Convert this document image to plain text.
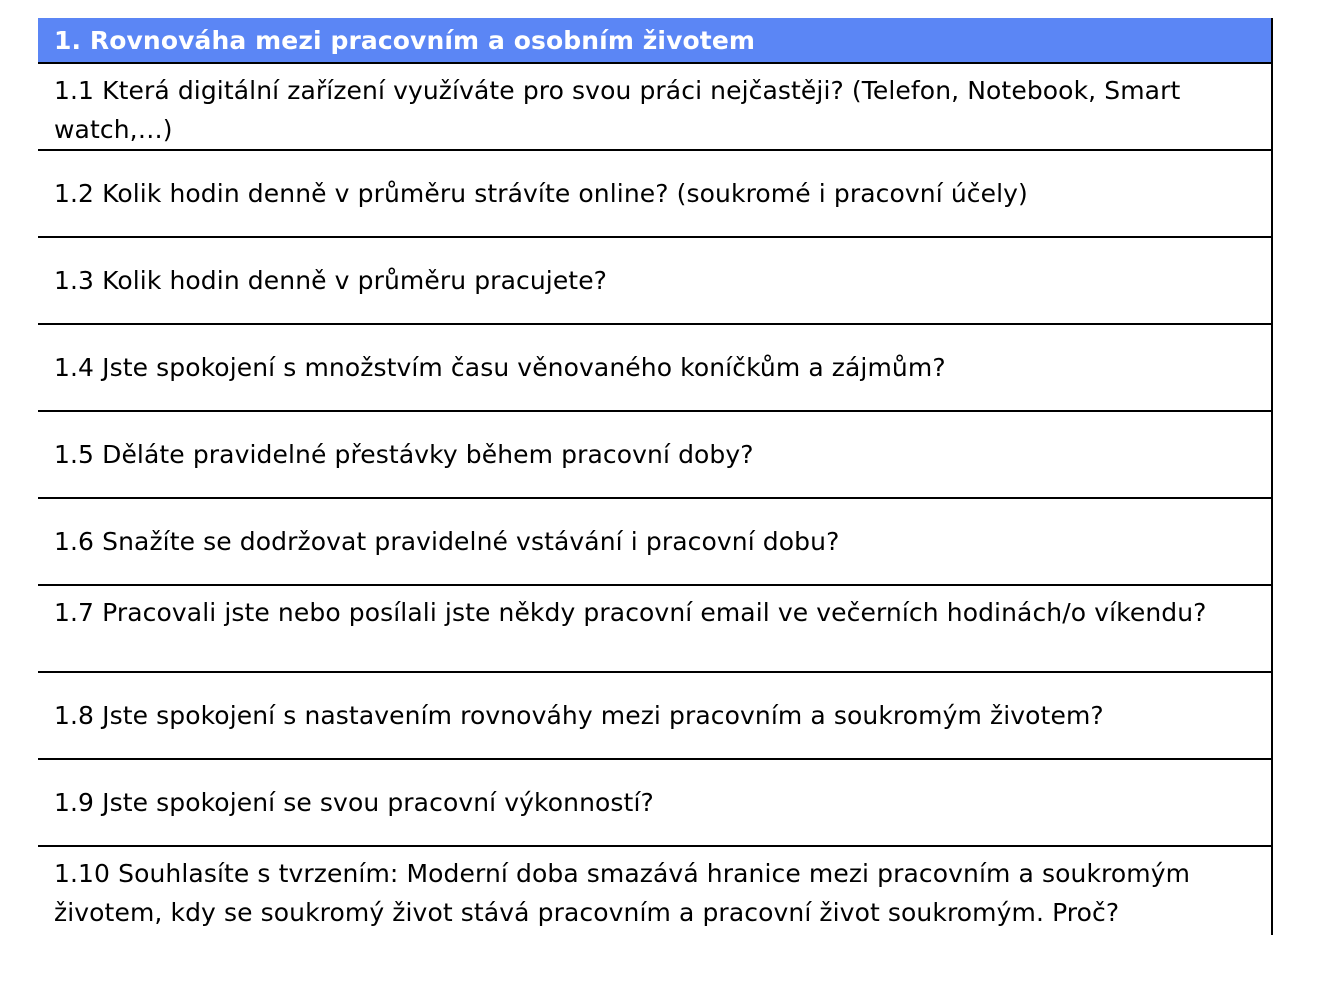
1. Rovnováha mezi pracovním a osobním životem
1.1 Která digitální zařízení využíváte pro svou práci nejčastěji? (Telefon, Notebook, Smart watch,…)
1.2 Kolik hodin denně v průměru strávíte online? (soukromé i pracovní účely)
1.3 Kolik hodin denně v průměru pracujete?
1.4 Jste spokojení s množstvím času věnovaného koníčkům a zájmům?
1.5 Děláte pravidelné přestávky během pracovní doby?
1.6 Snažíte se dodržovat pravidelné vstávání i pracovní dobu?
1.7 Pracovali jste nebo posílali jste někdy pracovní email ve večerních hodinách/o víkendu?
1.8 Jste spokojení s nastavením rovnováhy mezi pracovním a soukromým životem?
1.9 Jste spokojení se svou pracovní výkonností?
1.10 Souhlasíte s tvrzením: Moderní doba smazává hranice mezi pracovním a soukromým životem, kdy se soukromý život stává pracovním a pracovní život soukromým. Proč?
